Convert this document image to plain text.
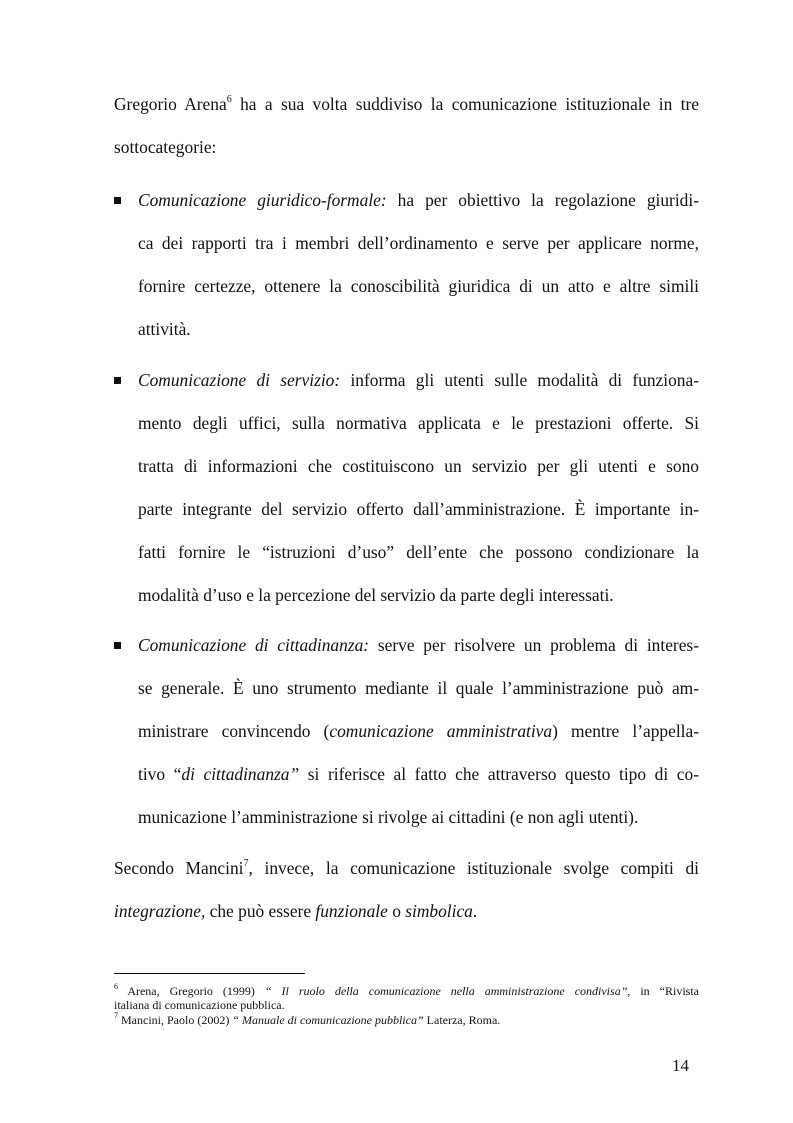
Gregorio Arena$^6$ ha a sua volta suddiviso la comunicazione istituzionale in tre
sottocategorie:
Comunicazione giuridico-formale: ha per obiettivo la regolazione giuridi-
ca dei rapporti tra i membri dell’ordinamento e serve per applicare norme,
fornire certezze, ottenere la conoscibilità giuridica di un atto e altre simili
attività.
Comunicazione di servizio: informa gli utenti sulle modalità di funziona-
mento degli uffici, sulla normativa applicata e le prestazioni offerte. Si
tratta di informazioni che costituiscono un servizio per gli utenti e sono
parte integrante del servizio offerto dall’amministrazione. È importante in-
fatti fornire le “istruzioni d’uso” dell’ente che possono condizionare la
modalità d’uso e la percezione del servizio da parte degli interessati.
Comunicazione di cittadinanza: serve per risolvere un problema di interes-
se generale. È uno strumento mediante il quale l’amministrazione può am-
ministrare convincendo (comunicazione amministrativa) mentre l’appella-
tivo “di cittadinanza” si riferisce al fatto che attraverso questo tipo di co-
municazione l’amministrazione si rivolge ai cittadini (e non agli utenti).
Secondo Mancini$^7$, invece, la comunicazione istituzionale svolge compiti di
integrazione, che può essere funzionale o simbolica.
$^6$ Arena, Gregorio (1999) “ Il ruolo della comunicazione nella amministrazione condivisa”, in “Rivista
italiana di comunicazione pubblica.
$^7$ Mancini, Paolo (2002) “ Manuale di comunicazione pubblica” Laterza, Roma.
14
